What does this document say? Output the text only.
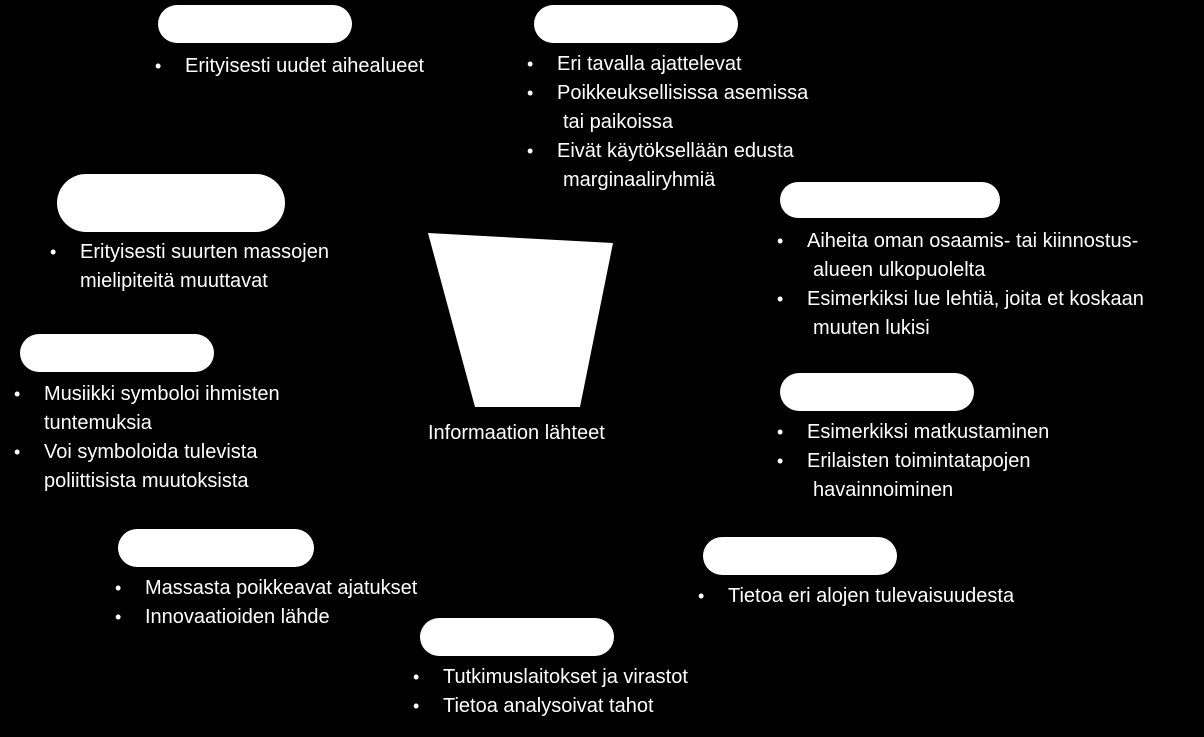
Informaation lähteet
• Erityisesti uudet aihealueet
•	Eri tavalla ajattelevat
• Poikkeuksellisissa asemissa
tai paikoissa
• Eivät käytöksellään edusta
marginaaliryhmiä
• Erityisesti suurten massojen
mielipiteitä muuttavat
• Aiheita oman osaamis- tai kiinnostus-
alueen ulkopuolelta
• Esimerkiksi lue lehtiä, joita et koskaan
muuten lukisi
• Musiikki symboloi ihmisten
tuntemuksia
• Voi symboloida tulevista
poliittisista muutoksista
• Esimerkiksi matkustaminen
• Erilaisten toimintatapojen
havainnoiminen
• Massasta poikkeavat ajatukset
• Innovaatioiden lähde
• Tietoa eri alojen tulevaisuudesta
• Tutkimuslaitokset ja virastot
• Tietoa analysoivat tahot
